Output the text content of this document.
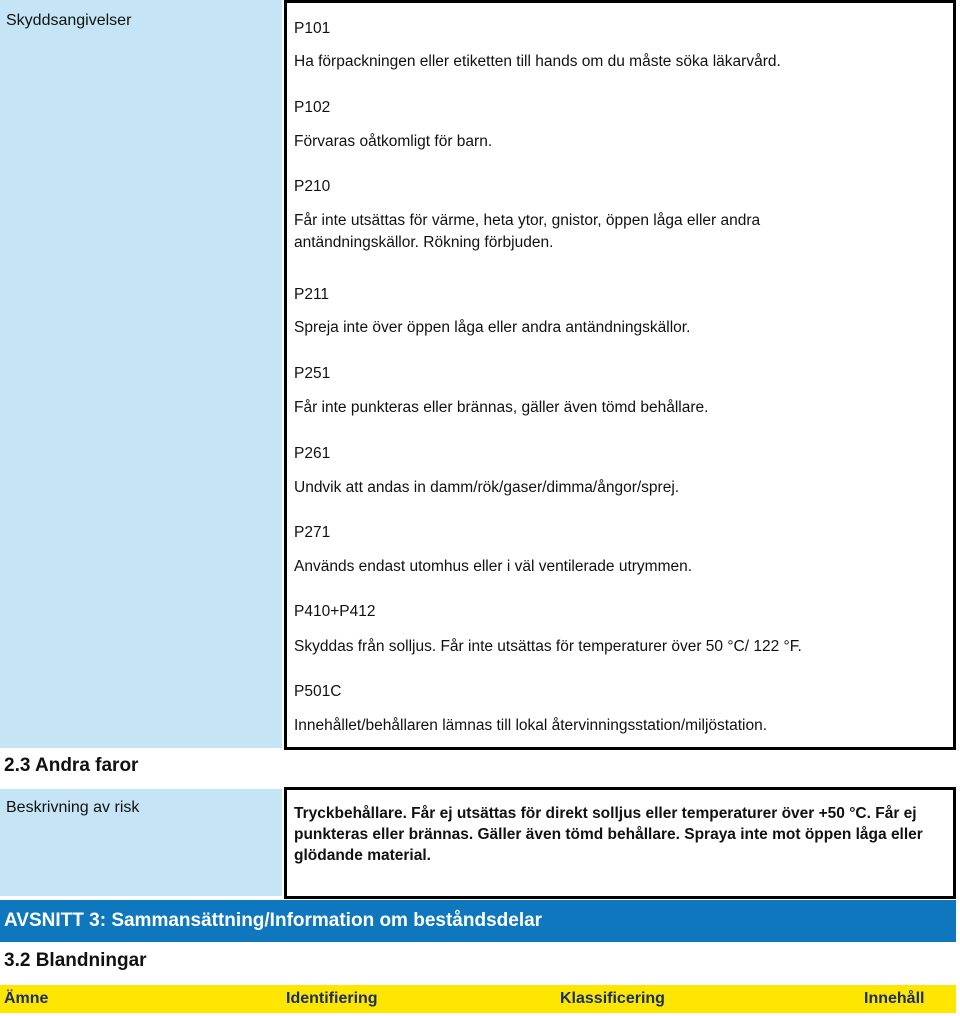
Skyddsangivelser	P101
Ha förpackningen eller etiketten till hands om du måste söka läkarvård.
P102
Förvaras oåtkomligt för barn.
P210
Får inte utsättas för värme, heta ytor, gnistor, öppen låga eller andra antändningskällor. Rökning förbjuden.
P211
Spreja inte över öppen låga eller andra antändningskällor.
P251
Får inte punkteras eller brännas, gäller även tömd behållare.
P261
Undvik att andas in damm/rök/gaser/dimma/ångor/sprej.
P271
Används endast utomhus eller i väl ventilerade utrymmen.
P410+P412
Skyddas från solljus. Får inte utsättas för temperaturer över 50 °C/ 122 °F.
P501C
Innehållet/behållaren lämnas till lokal återvinningsstation/miljöstation.
2.3 Andra faror
Beskrivning av risk	Tryckbehållare. Får ej utsättas för direkt solljus eller temperaturer över +50 °C. Får ej punkteras eller brännas. Gäller även tömd behållare. Spraya inte mot öppen låga eller glödande material.
AVSNITT 3: Sammansättning/Information om beståndsdelar
3.2 Blandningar
Ämne	Identifiering	Klassificering	Innehåll
